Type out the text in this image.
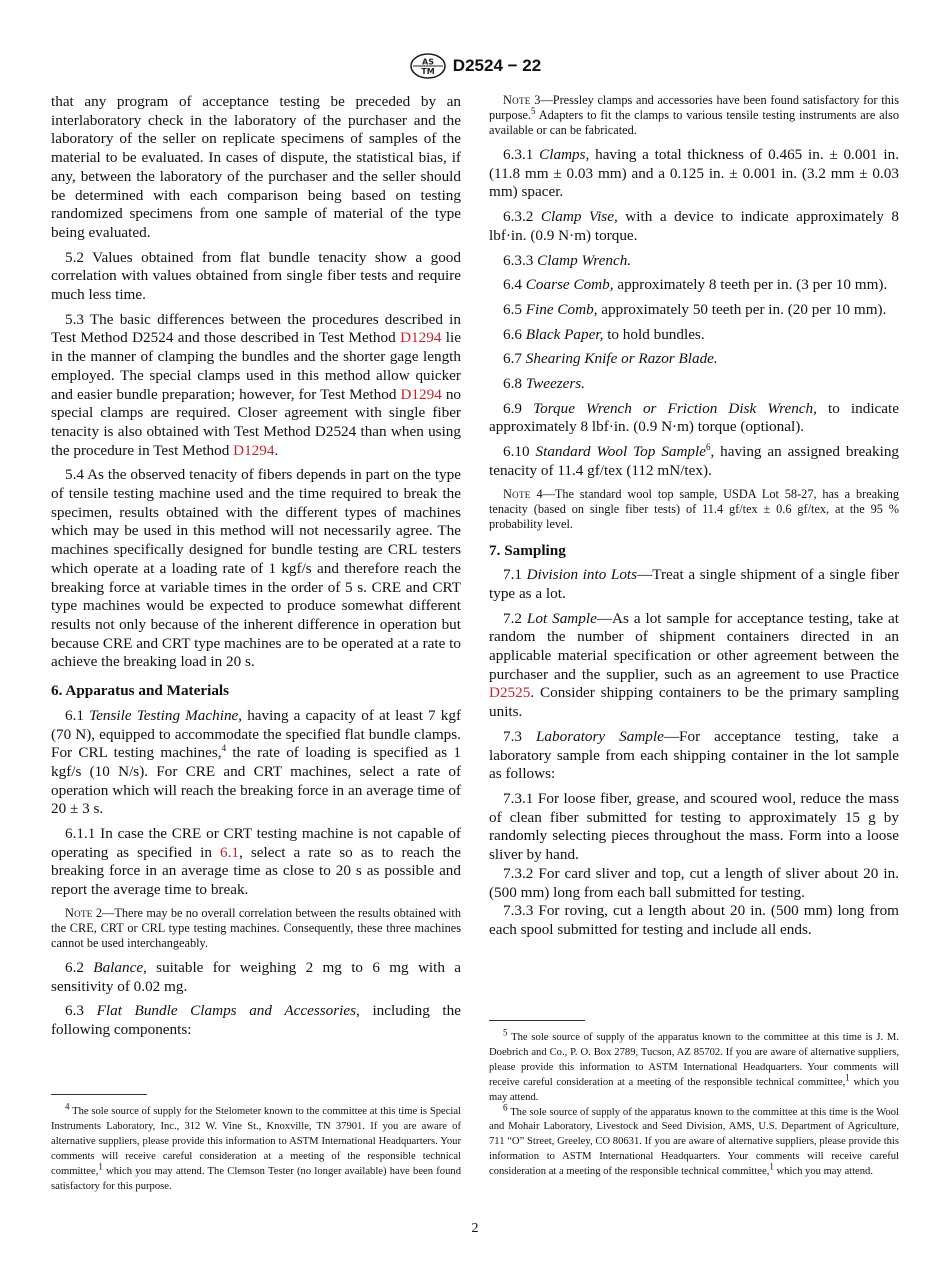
AS
TM D2524 − 22

that any program of acceptance testing be preceded by an interlaboratory check in the laboratory of the purchaser and the laboratory of the seller on replicate specimens of samples of the material to be evaluated. In cases of dispute, the statistical bias, if any, between the laboratory of the purchaser and the seller should be determined with each comparison being based on testing randomized specimens from one sample of material of the type being evaluated.

5.2 Values obtained from flat bundle tenacity show a good correlation with values obtained from single fiber tests and require much less time.

5.3 The basic differences between the procedures described in Test Method D2524 and those described in Test Method D1294 lie in the manner of clamping the bundles and the shorter gage length employed. The special clamps used in this method allow quicker and easier bundle preparation; however, for Test Method D1294 no special clamps are required. Closer agreement with single fiber tenacity is also obtained with Test Method D2524 than when using the procedure in Test Method D1294.

5.4 As the observed tenacity of fibers depends in part on the type of tensile testing machine used and the time required to break the specimen, results obtained with the different types of machines which may be used in this method will not necessarily agree. The machines specifically designed for bundle testing are CRL testers which operate at a loading rate of 1 kgf/s and therefore reach the breaking force at variable times in the order of 5 s. CRE and CRT type machines would be expected to produce somewhat different results not only because of the inherent difference in operation but because CRE and CRT type machines are to be operated at a rate to achieve the breaking load in 20 s.

6. Apparatus and Materials

6.1 Tensile Testing Machine, having a capacity of at least 7 kgf (70 N), equipped to accommodate the specified flat bundle clamps. For CRL testing machines,$^4$ the rate of loading is specified as 1 kgf/s (10 N/s). For CRE and CRT machines, select a rate of operation which will reach the breaking force in an average time of 20 ± 3 s.

6.1.1 In case the CRE or CRT testing machine is not capable of operating as specified in 6.1, select a rate so as to reach the breaking force in an average time as close to 20 s as possible and report the average time to break.

Note 2—There may be no overall correlation between the results obtained with the CRE, CRT or CRL type testing machines. Consequently, these three machines cannot be used interchangeably.

6.2 Balance, suitable for weighing 2 mg to 6 mg with a sensitivity of 0.02 mg.

6.3 Flat Bundle Clamps and Accessories, including the following components:

$^4$ The sole source of supply for the Stelometer known to the committee at this time is Special Instruments Laboratory, Inc., 312 W. Vine St., Knoxville, TN 37901. If you are aware of alternative suppliers, please provide this information to ASTM International Headquarters. Your comments will receive careful consideration at a meeting of the responsible technical committee,$^1$ which you may attend. The Clemson Tester (no longer available) have been found satisfactory for this purpose.

Note 3—Pressley clamps and accessories have been found satisfactory for this purpose.$^5$ Adapters to fit the clamps to various tensile testing instruments are also available or can be fabricated.

6.3.1 Clamps, having a total thickness of 0.465 in. ± 0.001 in. (11.8 mm ± 0.03 mm) and a 0.125 in. ± 0.001 in. (3.2 mm ± 0.03 mm) spacer.

6.3.2 Clamp Vise, with a device to indicate approximately 8 lbf·in. (0.9 N·m) torque.

6.3.3 Clamp Wrench.

6.4 Coarse Comb, approximately 8 teeth per in. (3 per 10 mm).

6.5 Fine Comb, approximately 50 teeth per in. (20 per 10 mm).

6.6 Black Paper, to hold bundles.

6.7 Shearing Knife or Razor Blade.

6.8 Tweezers.

6.9 Torque Wrench or Friction Disk Wrench, to indicate approximately 8 lbf·in. (0.9 N·m) torque (optional).

6.10 Standard Wool Top Sample$^6$, having an assigned breaking tenacity of 11.4 gf/tex (112 mN/tex).

Note 4—The standard wool top sample, USDA Lot 58-27, has a breaking tenacity (based on single fiber tests) of 11.4 gf/tex ± 0.6 gf/tex, at the 95 % probability level.

7. Sampling

7.1 Division into Lots—Treat a single shipment of a single fiber type as a lot.

7.2 Lot Sample—As a lot sample for acceptance testing, take at random the number of shipment containers directed in an applicable material specification or other agreement between the purchaser and the supplier, such as an agreement to use Practice D2525. Consider shipping containers to be the primary sampling units.

7.3 Laboratory Sample—For acceptance testing, take a laboratory sample from each shipping container in the lot sample as follows:

7.3.1 For loose fiber, grease, and scoured wool, reduce the mass of clean fiber submitted for testing to approximately 15 g by randomly selecting pieces throughout the mass. Form into a loose sliver by hand.

7.3.2 For card sliver and top, cut a length of sliver about 20 in. (500 mm) long from each ball submitted for testing.

7.3.3 For roving, cut a length about 20 in. (500 mm) long from each spool submitted for testing and include all ends.

$^5$ The sole source of supply of the apparatus known to the committee at this time is J. M. Doebrich and Co., P. O. Box 2789, Tucson, AZ 85702. If you are aware of alternative suppliers, please provide this information to ASTM International Headquarters. Your comments will receive careful consideration at a meeting of the responsible technical committee,$^1$ which you may attend.

$^6$ The sole source of supply of the apparatus known to the committee at this time is the Wool and Mohair Laboratory, Livestock and Seed Division, AMS, U.S. Department of Agriculture, 711 “O” Street, Greeley, CO 80631. If you are aware of alternative suppliers, please provide this information to ASTM International Headquarters. Your comments will receive careful consideration at a meeting of the responsible technical committee,$^1$ which you may attend.

2
